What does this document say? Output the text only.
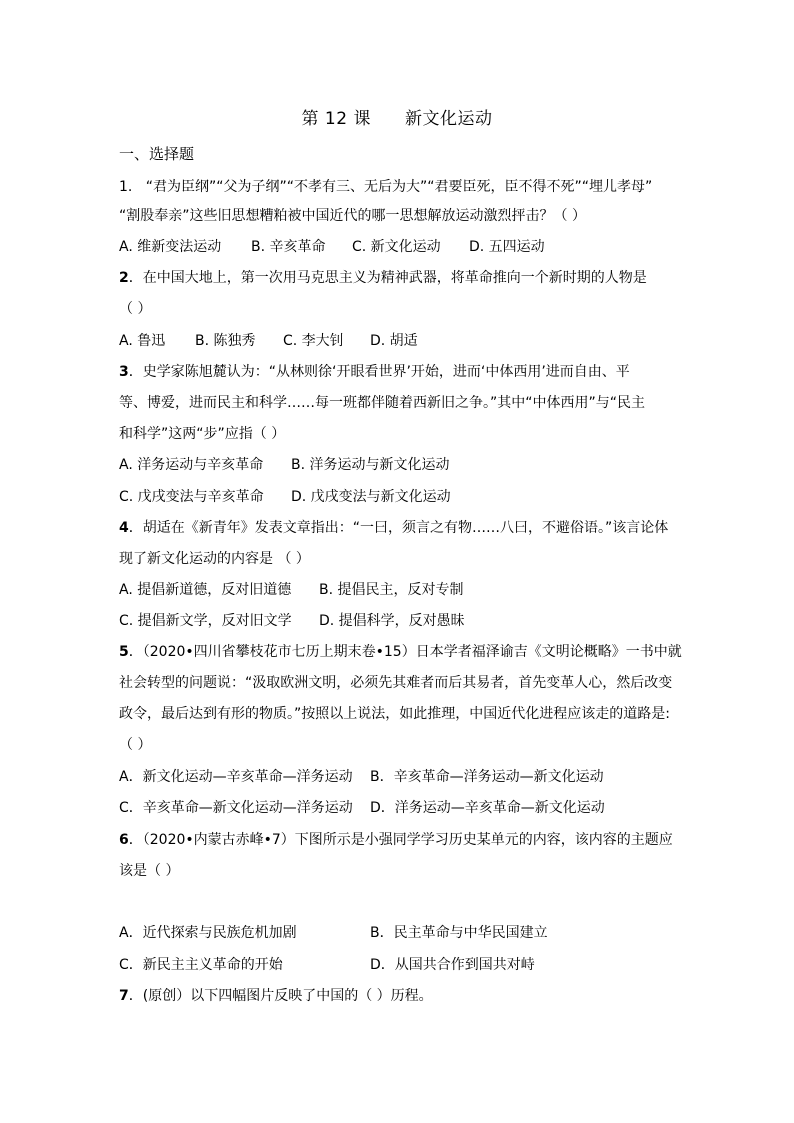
第 12 课 新文化运动
一、选择题
1. “君为臣纲”“父为子纲”“不孝有三、无后为大”“君要臣死，臣不得不死”“埋儿孝母”
“割股奉亲”这些旧思想糟粕被中国近代的哪一思想解放运动激烈抨击？（ ）
A. 维新变法运动 B. 辛亥革命 C. 新文化运动 D. 五四运动
2．在中国大地上，第一次用马克思主义为精神武器，将革命推向一个新时期的人物是
（ ）
A. 鲁迅 B. 陈独秀 C. 李大钊 D. 胡适
3．史学家陈旭麓认为：“从林则徐‘开眼看世界’开始，进而‘中体西用’进而自由、平
等、博爱，进而民主和科学……每一班都伴随着西新旧之争。”其中“中体西用”与“民主
和科学”这两“步”应指（ ）
A. 洋务运动与辛亥革命 B. 洋务运动与新文化运动
C. 戊戌变法与辛亥革命 D. 戊戌变法与新文化运动
4．胡适在《新青年》发表文章指出：“一曰，须言之有物……八曰，不避俗语。”该言论体
现了新文化运动的内容是 （ ）
A. 提倡新道德，反对旧道德 B. 提倡民主，反对专制
C. 提倡新文学，反对旧文学 D. 提倡科学，反对愚昧
5．（2020•四川省攀枝花市七历上期末卷•15）日本学者福泽谕吉《文明论概略》一书中就
社会转型的问题说：“汲取欧洲文明，必须先其难者而后其易者，首先变革人心，然后改变
政令，最后达到有形的物质。”按照以上说法，如此推理，中国近代化进程应该走的道路是:
（ ）
A．新文化运动—辛亥革命—洋务运动 B．辛亥革命—洋务运动—新文化运动
C．辛亥革命—新文化运动—洋务运动 D．洋务运动—辛亥革命—新文化运动
6．（2020•内蒙古赤峰•7）下图所示是小强同学学习历史某单元的内容，该内容的主题应
该是（ ）
A．近代探索与民族危机加剧	B．民主革命与中华民国建立
C．新民主主义革命的开始	D．从国共合作到国共对峙
7．(原创）以下四幅图片反映了中国的（ ）历程。
